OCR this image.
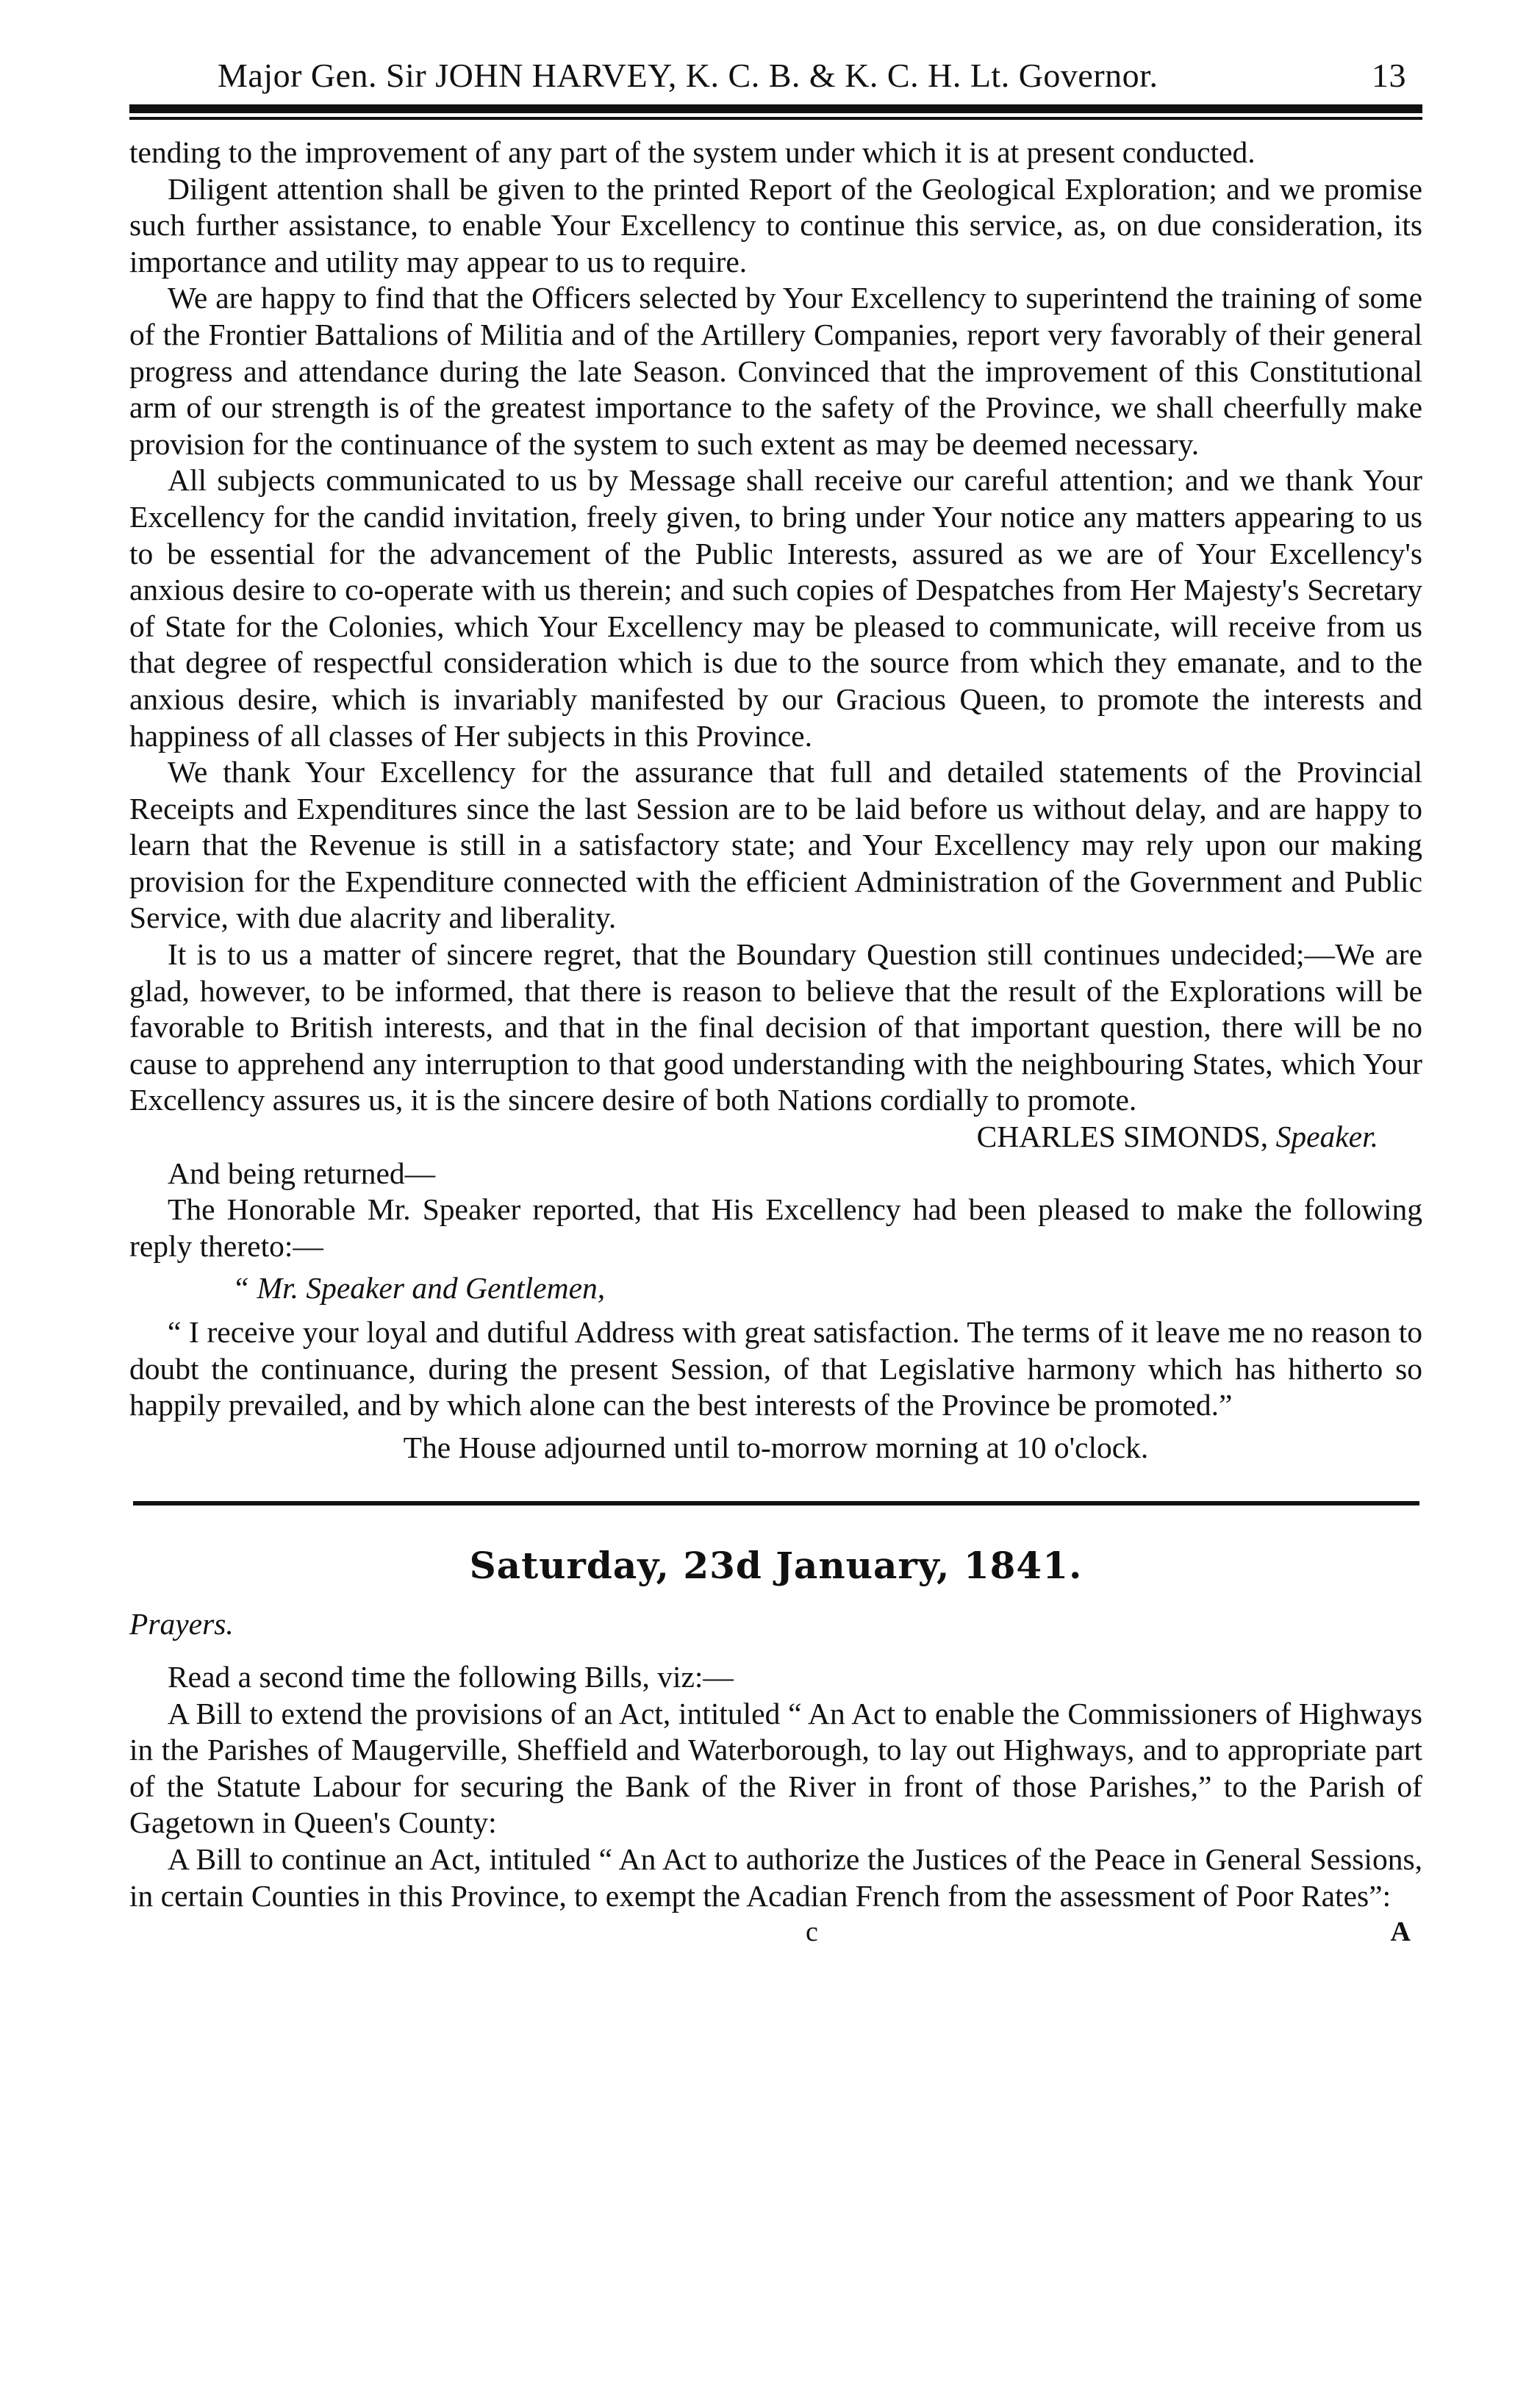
Major Gen. Sir JOHN HARVEY, K. C. B. & K. C. H. Lt. Governor.	13

tending to the improvement of any part of the system under which it is at present conducted.

Diligent attention shall be given to the printed Report of the Geological Exploration; and we promise such further assistance, to enable Your Excellency to continue this service, as, on due consideration, its importance and utility may appear to us to require.

We are happy to find that the Officers selected by Your Excellency to superintend the training of some of the Frontier Battalions of Militia and of the Artillery Companies, report very favorably of their general progress and attendance during the late Season. Convinced that the improvement of this Constitutional arm of our strength is of the greatest importance to the safety of the Province, we shall cheerfully make provision for the continuance of the system to such extent as may be deemed necessary.

All subjects communicated to us by Message shall receive our careful attention; and we thank Your Excellency for the candid invitation, freely given, to bring under Your notice any matters appearing to us to be essential for the advancement of the Public Interests, assured as we are of Your Excellency's anxious desire to co-operate with us therein; and such copies of Despatches from Her Majesty's Secretary of State for the Colonies, which Your Excellency may be pleased to communicate, will receive from us that degree of respectful consideration which is due to the source from which they emanate, and to the anxious desire, which is invariably manifested by our Gracious Queen, to promote the interests and happiness of all classes of Her subjects in this Province.

We thank Your Excellency for the assurance that full and detailed statements of the Provincial Receipts and Expenditures since the last Session are to be laid before us without delay, and are happy to learn that the Revenue is still in a satisfactory state; and Your Excellency may rely upon our making provision for the Expenditure connected with the efficient Administration of the Government and Public Service, with due alacrity and liberality.

It is to us a matter of sincere regret, that the Boundary Question still continues undecided;—We are glad, however, to be informed, that there is reason to believe that the result of the Explorations will be favorable to British interests, and that in the final decision of that important question, there will be no cause to apprehend any interruption to that good understanding with the neighbouring States, which Your Excellency assures us, it is the sincere desire of both Nations cordially to promote.

CHARLES SIMONDS, Speaker.

And being returned—

The Honorable Mr. Speaker reported, that His Excellency had been pleased to make the following reply thereto:—

“ Mr. Speaker and Gentlemen,

“ I receive your loyal and dutiful Address with great satisfaction. The terms of it leave me no reason to doubt the continuance, during the present Session, of that Legislative harmony which has hitherto so happily prevailed, and by which alone can the best interests of the Province be promoted.”

The House adjourned until to-morrow morning at 10 o'clock.

Saturday, 23d January, 1841.

Prayers.

Read a second time the following Bills, viz:—

A Bill to extend the provisions of an Act, intituled “ An Act to enable the Commissioners of Highways in the Parishes of Maugerville, Sheffield and Waterborough, to lay out Highways, and to appropriate part of the Statute Labour for securing the Bank of the River in front of those Parishes,” to the Parish of Gagetown in Queen's County:

A Bill to continue an Act, intituled “ An Act to authorize the Justices of the Peace in General Sessions, in certain Counties in this Province, to exempt the Acadian French from the assessment of Poor Rates”:

c	A
